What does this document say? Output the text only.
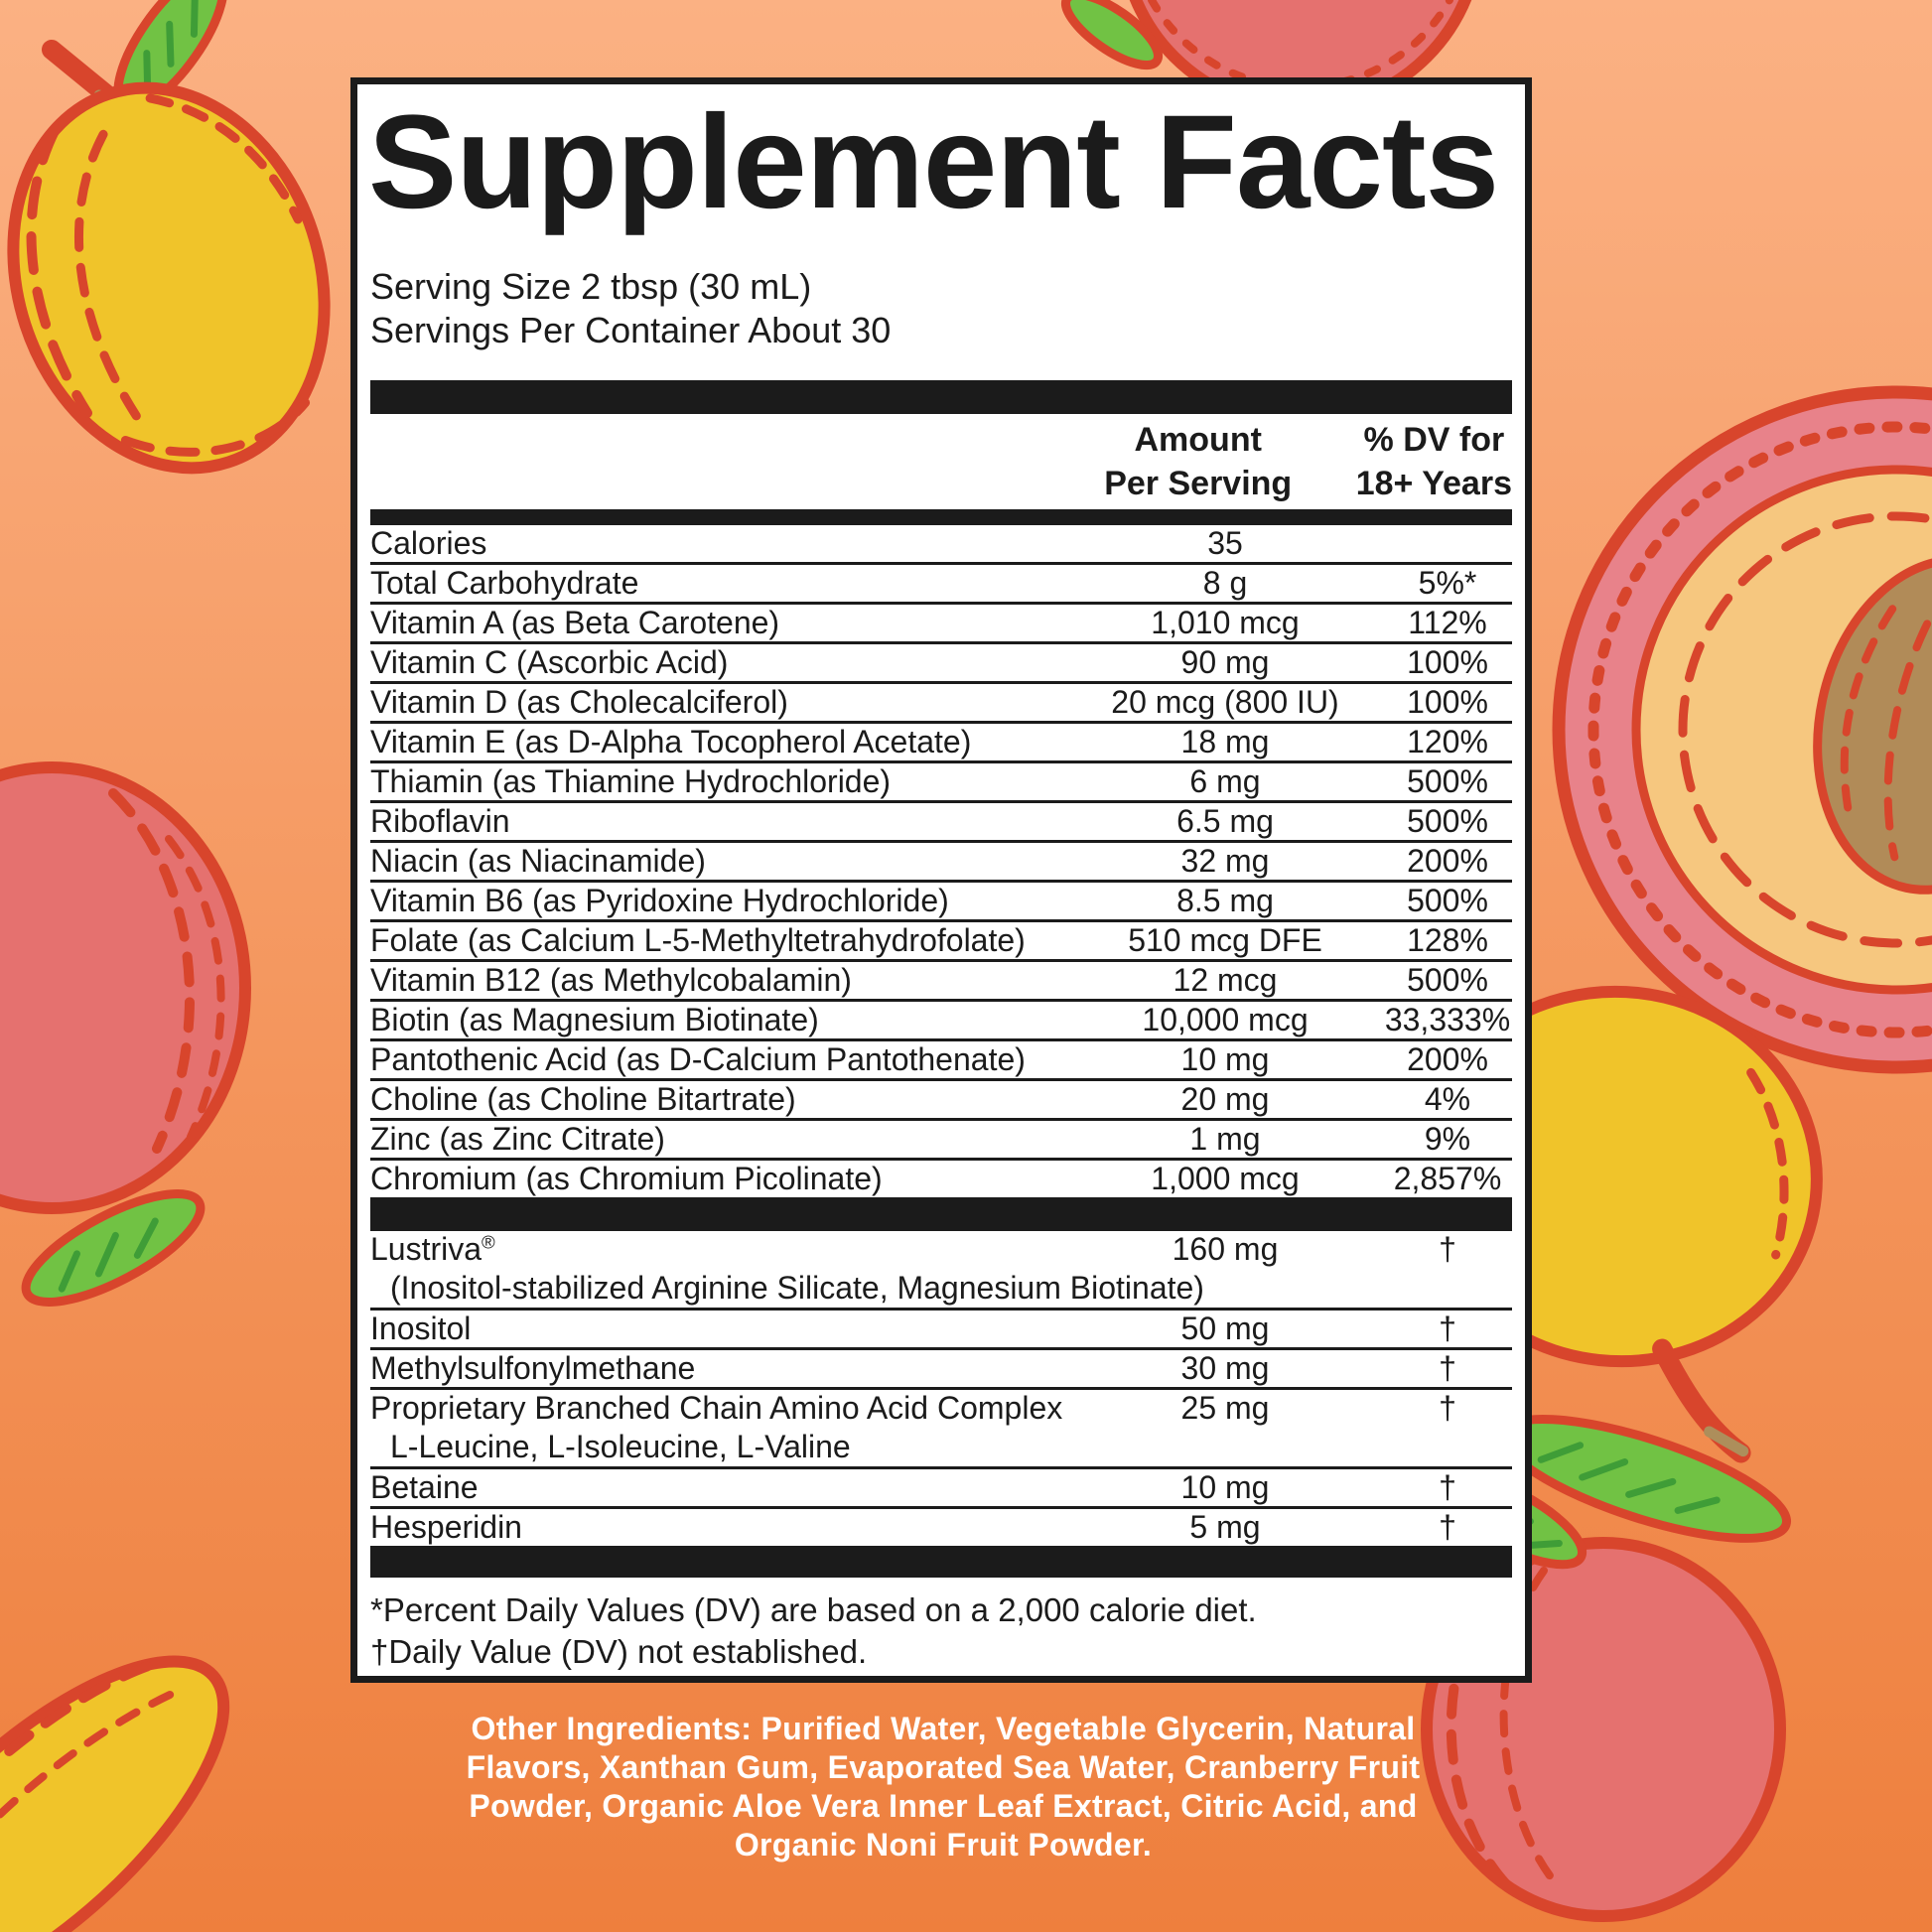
Supplement Facts
Serving Size 2 tbsp (30 mL)
Servings Per Container About 30
Amount
Per Serving
% DV for
18+ Years
Calories	35
Total Carbohydrate	8 g	5%*
Vitamin A (as Beta Carotene)	1,010 mcg	112%
Vitamin C (Ascorbic Acid)	90 mg	100%
Vitamin D (as Cholecalciferol)	20 mcg (800 IU)	100%
Vitamin E (as D-Alpha Tocopherol Acetate)	18 mg	120%
Thiamin (as Thiamine Hydrochloride)	6 mg	500%
Riboflavin	6.5 mg	500%
Niacin (as Niacinamide)	32 mg	200%
Vitamin B6 (as Pyridoxine Hydrochloride)	8.5 mg	500%
Folate (as Calcium L-5-Methyltetrahydrofolate)	510 mcg DFE	128%
Vitamin B12 (as Methylcobalamin)	12 mcg	500%
Biotin (as Magnesium Biotinate)	10,000 mcg	33,333%
Pantothenic Acid (as D-Calcium Pantothenate)	10 mg	200%
Choline (as Choline Bitartrate)	20 mg	4%
Zinc (as Zinc Citrate)	1 mg	9%
Chromium (as Chromium Picolinate)	1,000 mcg	2,857%
Lustriva®	160 mg	†
(Inositol-stabilized Arginine Silicate, Magnesium Biotinate)
Inositol	50 mg	†
Methylsulfonylmethane	30 mg	†
Proprietary Branched Chain Amino Acid Complex	25 mg	†
L-Leucine, L-Isoleucine, L-Valine
Betaine	10 mg	†
Hesperidin	5 mg	†
*Percent Daily Values (DV) are based on a 2,000 calorie diet.
†Daily Value (DV) not established.
Other Ingredients: Purified Water, Vegetable Glycerin, Natural
Flavors, Xanthan Gum, Evaporated Sea Water, Cranberry Fruit
Powder, Organic Aloe Vera Inner Leaf Extract, Citric Acid, and
Organic Noni Fruit Powder.
